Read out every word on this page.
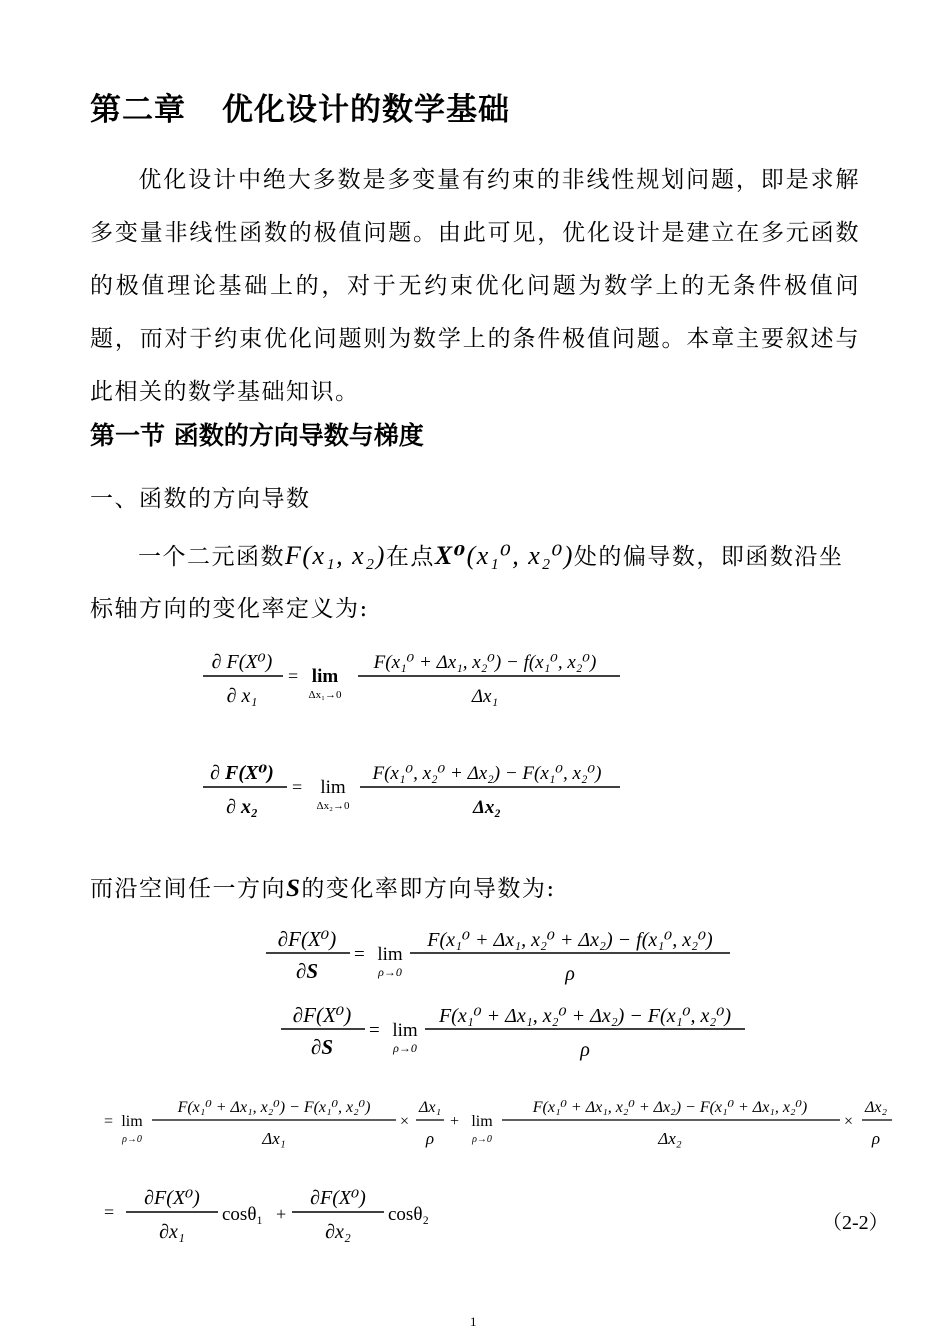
第二章 优化设计的数学基础
优化设计中绝大多数是多变量有约束的非线性规划问题，即是求解多变量非线性函数的极值问题。由此可见，优化设计是建立在多元函数的极值理论基础上的，对于无约束优化问题为数学上的无条件极值问题，而对于约束优化问题则为数学上的条件极值问题。本章主要叙述与此相关的数学基础知识。
第一节 函数的方向导数与梯度
一、函数的方向导数
一个二元函数F(x₁, x₂)在点X⁰(x₁⁰, x₂⁰)处的偏导数，即函数沿坐
标轴方向的变化率定义为:
∂ F(X⁰)
∂ x₁
= lim
Δx₁→0
F(x₁⁰ + Δx₁, x₂⁰) − f(x₁⁰, x₂⁰)
Δx₁
∂ F(X⁰)
∂ x₂
= lim
Δx₂→0
F(x₁⁰, x₂⁰ + Δx₂) − F(x₁⁰, x₂⁰)
Δx₂
而沿空间任一方向S的变化率即方向导数为:
∂F(X⁰)
∂S
= lim
ρ→0
F(x₁⁰ + Δx₁, x₂⁰ + Δx₂) − f(x₁⁰, x₂⁰)
ρ
∂F(X⁰)
∂S
= lim
ρ→0
F(x₁⁰ + Δx₁, x₂⁰ + Δx₂) − F(x₁⁰, x₂⁰)
ρ
= lim
ρ→0
F(x₁⁰ + Δx₁, x₂⁰) − F(x₁⁰, x₂⁰)
Δx₁
×
Δx₁
ρ
+ lim
ρ→0
F(x₁⁰ + Δx₁, x₂⁰ + Δx₂) − F(x₁⁰ + Δx₁, x₂⁰)
Δx₂
×
Δx₂
ρ
=
∂F(X⁰)
∂x₁
cosθ₁ +
∂F(X⁰)
∂x₂
cosθ₂	（2-2）
1
